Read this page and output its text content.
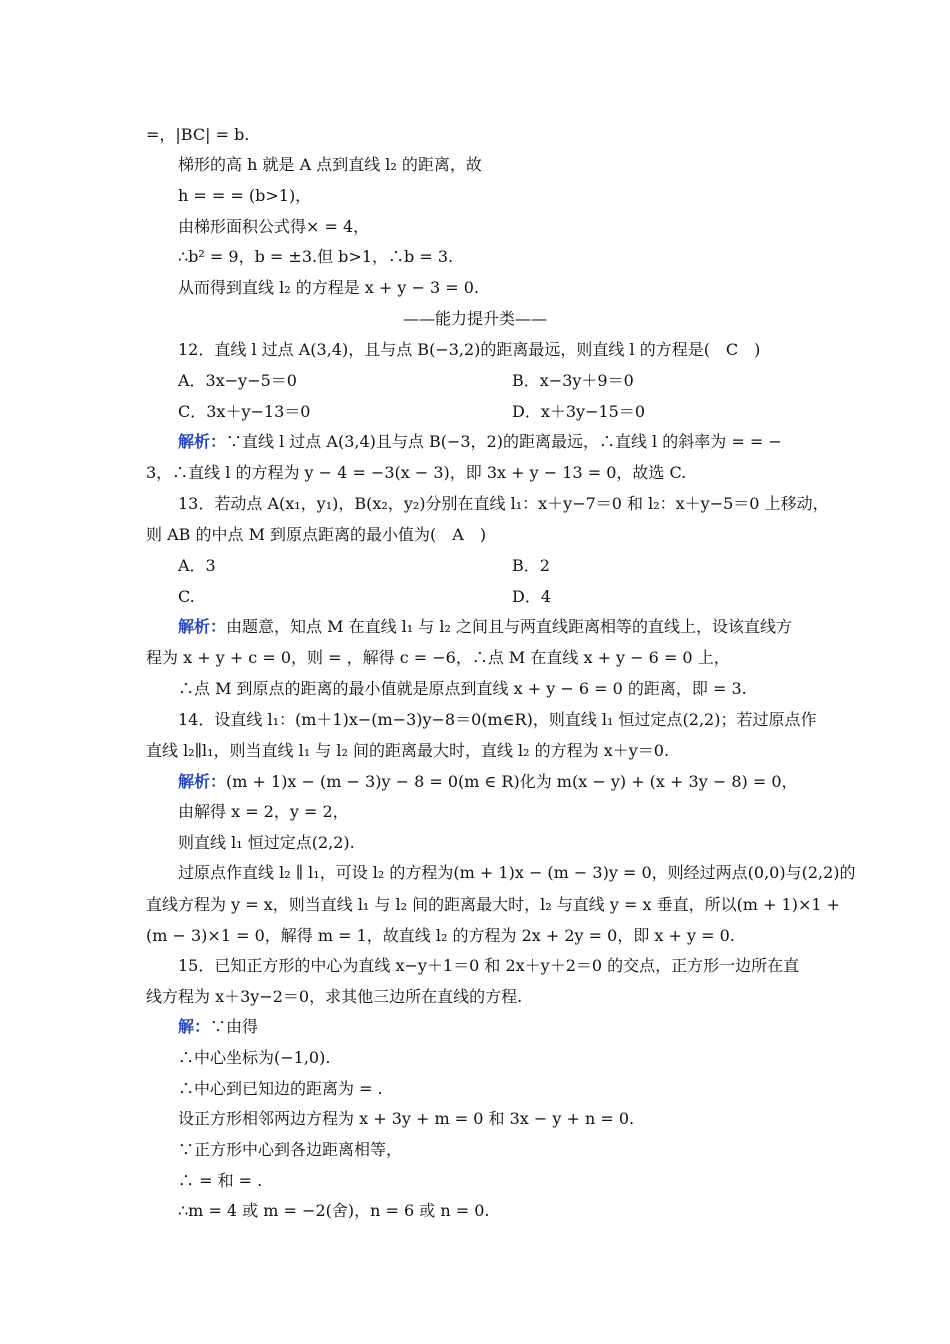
=，|BC| = b.
梯形的高 h 就是 A 点到直线 l₂ 的距离，故
h = = = (b>1)，
由梯形面积公式得× = 4，
∴b² = 9，b = ±3.但 b>1，∴b = 3.
从而得到直线 l₂ 的方程是 x + y − 3 = 0.
——能力提升类——
12．直线 l 过点 A(3,4)，且与点 B(−3,2)的距离最远，则直线 l 的方程是(　C　)
A．3x−y−5＝0	B．x−3y＋9＝0
C．3x＋y−13＝0	D．x＋3y−15＝0
解析：∵直线 l 过点 A(3,4)且与点 B(−3，2)的距离最远，∴直线 l 的斜率为 = = −
3，∴直线 l 的方程为 y − 4 = −3(x − 3)，即 3x + y − 13 = 0，故选 C.
13．若动点 A(x₁，y₁)，B(x₂，y₂)分别在直线 l₁：x＋y−7＝0 和 l₂：x＋y−5＝0 上移动，
则 AB 的中点 M 到原点距离的最小值为(　A　)
A．3	B．2
C.	D．4
解析：由题意，知点 M 在直线 l₁ 与 l₂ 之间且与两直线距离相等的直线上，设该直线方
程为 x + y + c = 0，则 = ，解得 c = −6，∴点 M 在直线 x + y − 6 = 0 上，
∴点 M 到原点的距离的最小值就是原点到直线 x + y − 6 = 0 的距离，即 = 3.
14．设直线 l₁：(m＋1)x−(m−3)y−8＝0(m∈R)，则直线 l₁ 恒过定点(2,2)；若过原点作
直线 l₂∥l₁，则当直线 l₁ 与 l₂ 间的距离最大时，直线 l₂ 的方程为 x＋y＝0.
解析：(m + 1)x − (m − 3)y − 8 = 0(m ∈ R)化为 m(x − y) + (x + 3y − 8) = 0，
由解得 x = 2，y = 2，
则直线 l₁ 恒过定点(2,2).
过原点作直线 l₂ ∥ l₁，可设 l₂ 的方程为(m + 1)x − (m − 3)y = 0，则经过两点(0,0)与(2,2)的
直线方程为 y = x，则当直线 l₁ 与 l₂ 间的距离最大时，l₂ 与直线 y = x 垂直，所以(m + 1)×1 +
(m − 3)×1 = 0，解得 m = 1，故直线 l₂ 的方程为 2x + 2y = 0，即 x + y = 0.
15．已知正方形的中心为直线 x−y＋1＝0 和 2x＋y＋2＝0 的交点，正方形一边所在直
线方程为 x＋3y−2＝0，求其他三边所在直线的方程.
解：∵由得
∴中心坐标为(−1,0).
∴中心到已知边的距离为 = .
设正方形相邻两边方程为 x + 3y + m = 0 和 3x − y + n = 0.
∵正方形中心到各边距离相等，
∴ = 和 = .
∴m = 4 或 m = −2(舍)，n = 6 或 n = 0.
